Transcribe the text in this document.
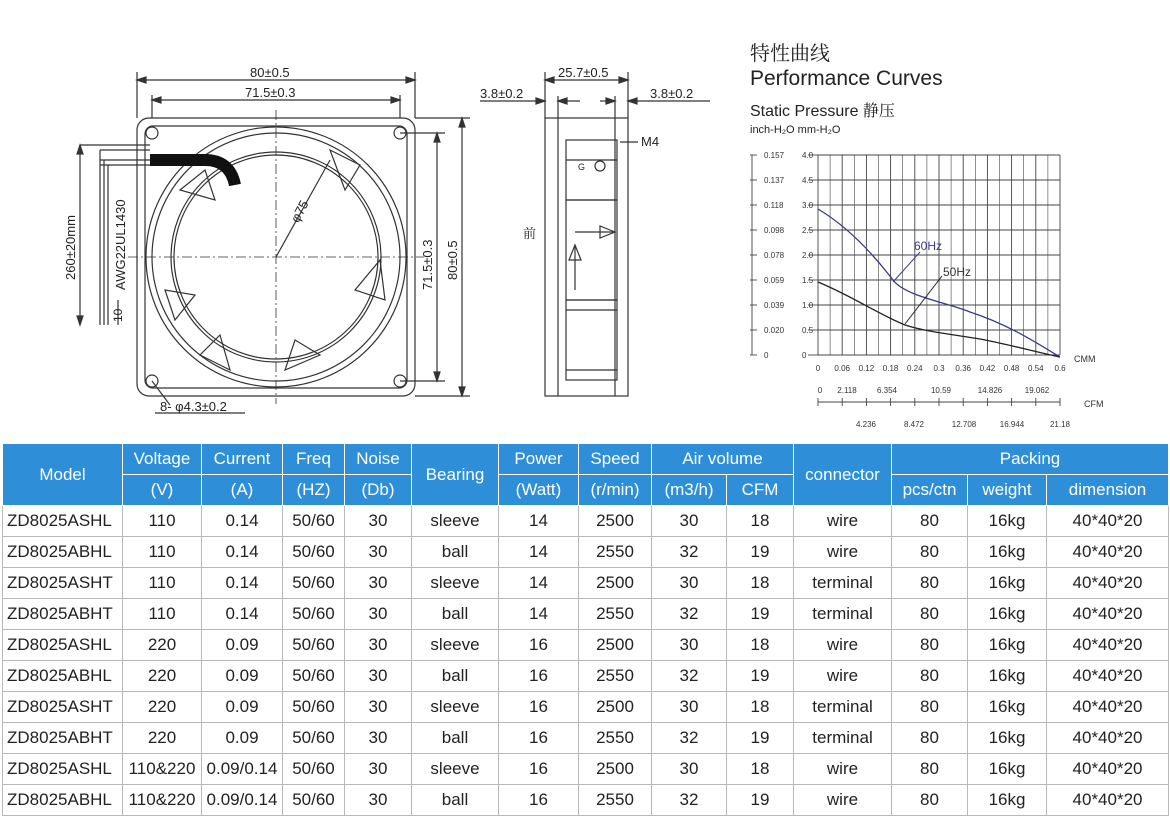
80±0.5
71.5±0.3
φ75
71.5±0.3 80±0.5
260±20mm	AWG22UL1430
10
8- φ4.3±0.2
25.7±0.5
3.8±0.2	3.8±0.2
M4
G
前
特性曲线
Performance Curves
Static Pressure 静压
inch-H₂O mm-H₂O
0.157 4.0
0.137 4.5
0.118 3.0
0.098 2.5
0.078 2.0
0.059 1.5
0.039 1.0
0.020 0.5
0	0
0 0.06 0.12 0.18 0.24 0.3 0.36 0.42 0.48 0.54 0.6
CMM
0 2.118	6.354	10.59	14.826	19.062
CFM
4.236	8.472	12.708	16.944	21.18
60Hz
50Hz
Model	Voltage	Current	Freq	Noise	Bearing	Power	Speed	Air volume		connector	Packing		
	(V)	(A)	(HZ)	(Db)		(Watt)	(r/min)	(m3/h)	CFM		pcs/ctn	weight	dimension
ZD8025ASHL	110	0.14	50/60	30	sleeve	14	2500	30	18	wire	80	16kg	40*40*20
ZD8025ABHL	110	0.14	50/60	30	ball	14	2550	32	19	wire	80	16kg	40*40*20
ZD8025ASHT	110	0.14	50/60	30	sleeve	14	2500	30	18	terminal	80	16kg	40*40*20
ZD8025ABHT	110	0.14	50/60	30	ball	14	2550	32	19	terminal	80	16kg	40*40*20
ZD8025ASHL	220	0.09	50/60	30	sleeve	16	2500	30	18	wire	80	16kg	40*40*20
ZD8025ABHL	220	0.09	50/60	30	ball	16	2550	32	19	wire	80	16kg	40*40*20
ZD8025ASHT	220	0.09	50/60	30	sleeve	16	2500	30	18	terminal	80	16kg	40*40*20
ZD8025ABHT	220	0.09	50/60	30	ball	16	2550	32	19	terminal	80	16kg	40*40*20
ZD8025ASHL	110&220	0.09/0.14	50/60	30	sleeve	16	2500	30	18	wire	80	16kg	40*40*20
ZD8025ABHL	110&220	0.09/0.14	50/60	30	ball	16	2550	32	19	wire	80	16kg	40*40*20
